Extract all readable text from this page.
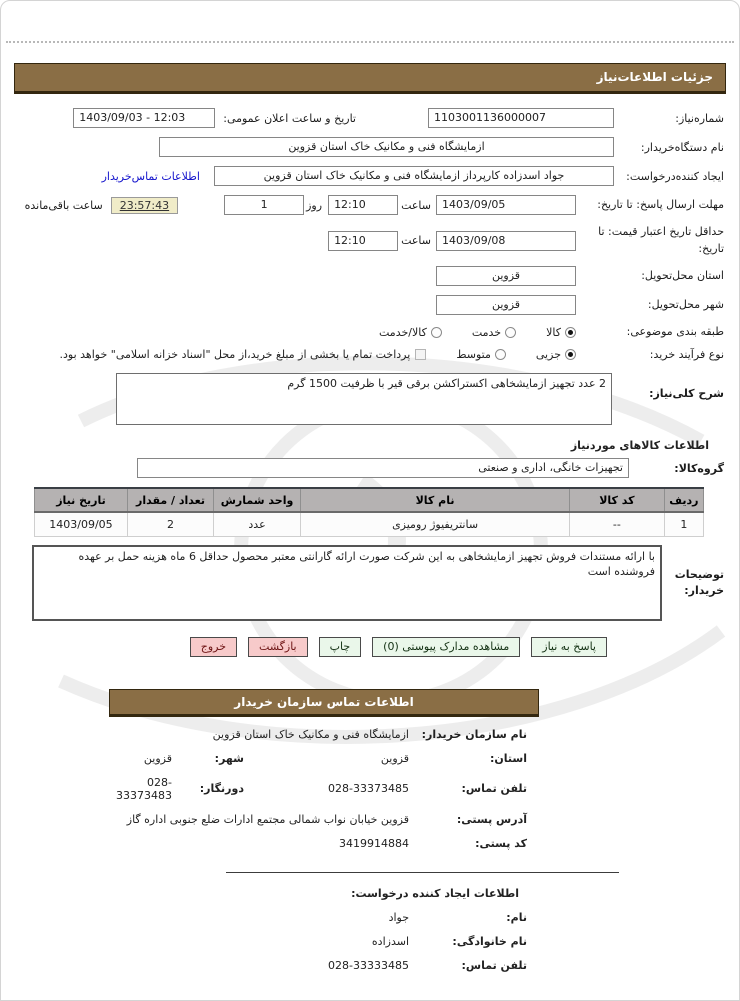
جزئیات اطلاعات‌نیاز
شماره‌نیاز:
1103001136000007
تاریخ و ساعت اعلان عمومی:
1403/09/03 - 12:03
نام دستگاه‌خریدار:
ازمایشگاه فنی و مکانیک خاک استان قزوین
ایجاد کننده‌درخواست:
جواد اسدزاده کارپرداز ازمایشگاه فنی و مکانیک خاک استان قزوین
اطلاعات تماس‌خریدار
مهلت ارسال پاسخ: تا تاریخ:
1403/09/05
ساعت
12:10
روز
1
23:57:43
ساعت باقی‌مانده
حداقل تاریخ اعتبار قیمت: تا تاریخ:
1403/09/08
ساعت
12:10
استان محل‌تحویل:
قزوین
شهر محل‌تحویل:
قزوین
طبقه بندی موضوعی:
کالا
خدمت
کالا/خدمت
نوع فرآیند خرید:
جزیی
متوسط
پرداخت تمام یا بخشی از مبلغ خرید،از محل "اسناد خزانه اسلامی" خواهد بود.
شرح کلی‌نیاز:
2 عدد تجهیز ازمایشخاهی اکستراکشن برقی قیر با ظرفیت 1500 گرم
اطلاعات کالاهای موردنیاز
گروه‌کالا:
تجهیزات خانگی، اداری و صنعتی
ردیف	کد کالا	نام کالا	واحد شمارش	تعداد / مقدار	تاریخ نیاز
1	--	سانتریفیوژ رومیزی	عدد	2	1403/09/05
توضیحات خریدار:
با ارائه مستندات فروش تجهیز ازمایشخاهی به این شرکت صورت ارائه گارانتی معتبر محصول حداقل 6 ماه هزینه حمل بر عهده فروشنده است
پاسخ به نیاز
مشاهده مدارک پیوستی (0)
چاپ
بازگشت
خروج
اطلاعات تماس سازمان خریدار
نام سازمان خریدار:
ازمایشگاه فنی و مکانیک خاک استان قزوین
استان:
قزوین
شهر:
قزوین
تلفن تماس:
028-33373485
دورنگار:
028-33373483
آدرس پستی:
قزوین خیابان نواب شمالی مجتمع ادارات ضلع جنوبی اداره گاز
کد پستی:
3419914884
اطلاعات ایجاد کننده درخواست:
نام:
جواد
نام خانوادگی:
اسدزاده
تلفن تماس:
028-33333485
